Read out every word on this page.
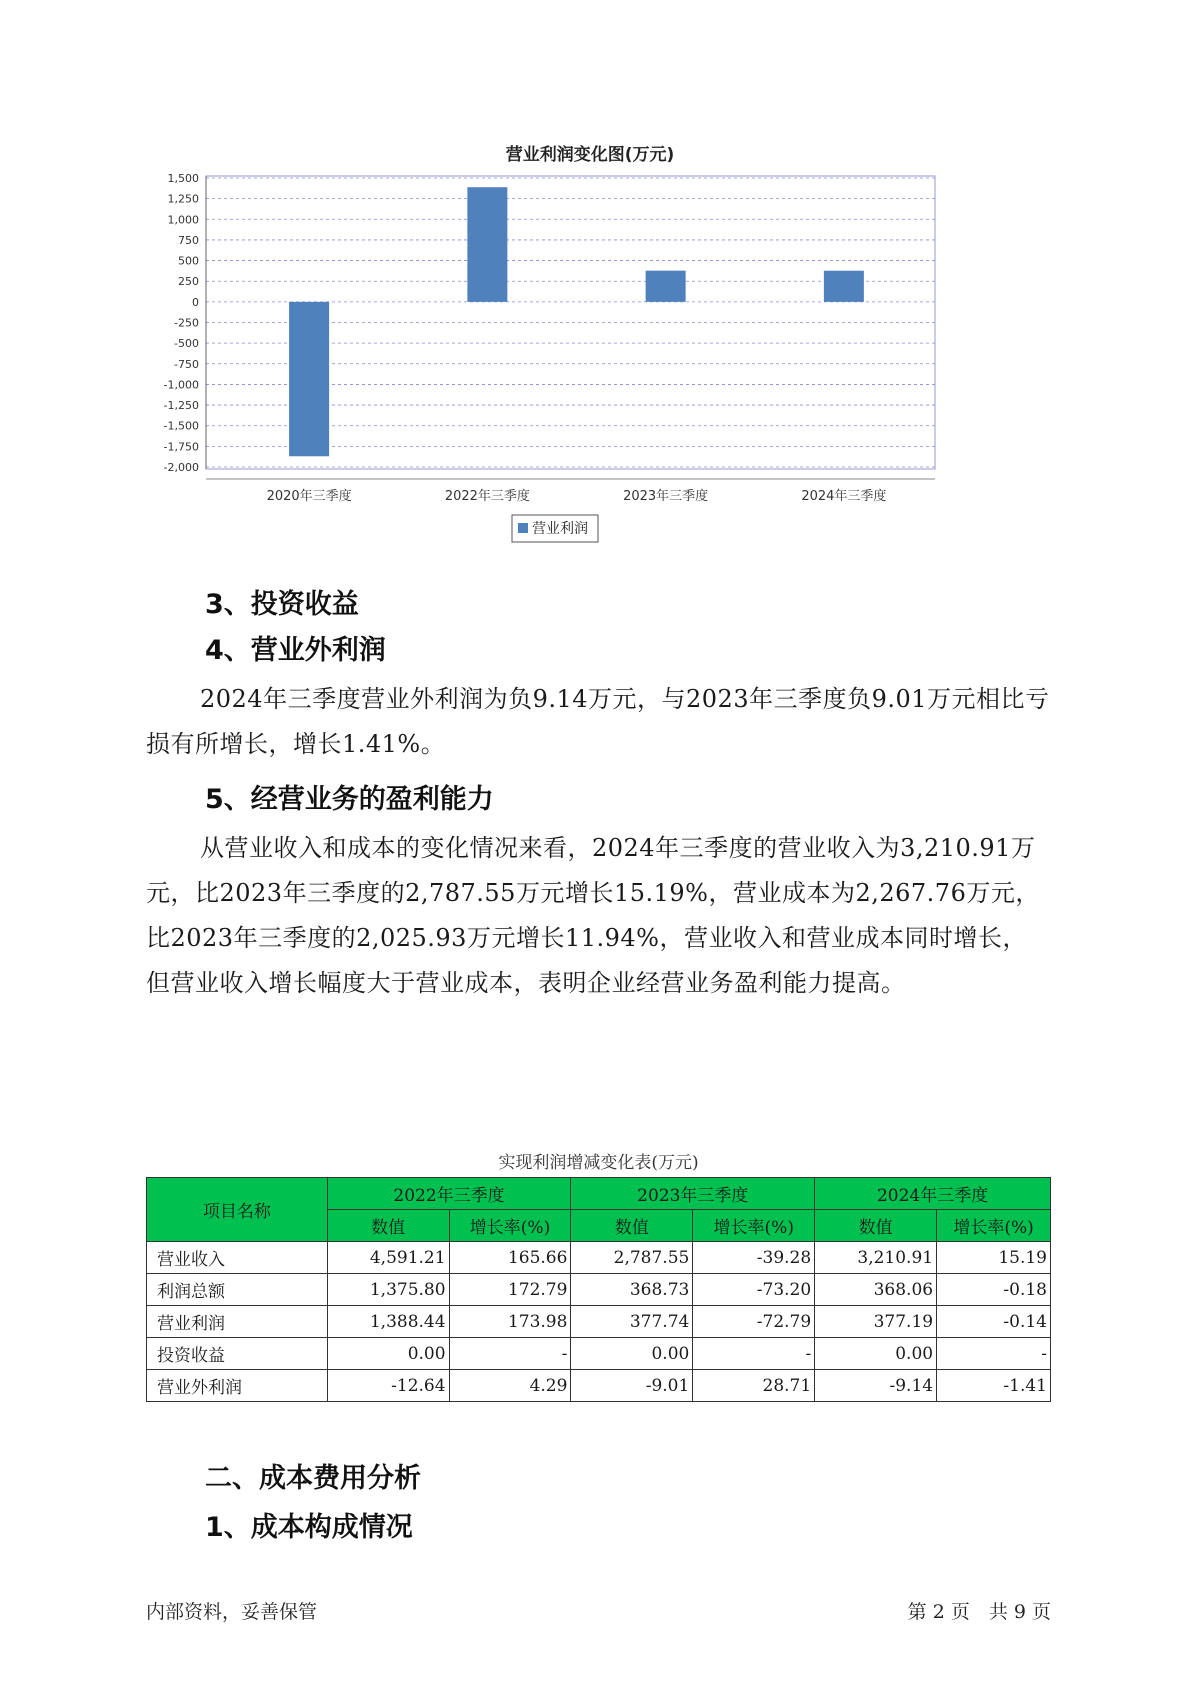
营业利润变化图(万元)
1,500
1,250
1,000
750
500
250
0
-250
-500
-750
-1,000
-1,250
-1,500
-1,750
-2,000
2020年三季度	2022年三季度	2023年三季度	2024年三季度
营业利润
3、投资收益
4、营业外利润

2024年三季度营业外利润为负9.14万元，与2023年三季度负9.01万元相比亏损有所增长，增长1.41%。

5、经营业务的盈利能力

从营业收入和成本的变化情况来看，2024年三季度的营业收入为3,210.91万元，比2023年三季度的2,787.55万元增长15.19%，营业成本为2,267.76万元，比2023年三季度的2,025.93万元增长11.94%，营业收入和营业成本同时增长，但营业收入增长幅度大于营业成本，表明企业经营业务盈利能力提高。

实现利润增减变化表(万元)
项目名称	2022年三季度		2023年三季度		2024年三季度	
	数值	增长率(%)	数值	增长率(%)	数值	增长率(%)
营业收入	4,591.21	165.66	2,787.55	-39.28	3,210.91	15.19
利润总额	1,375.80	172.79	368.73	-73.20	368.06	-0.18
营业利润	1,388.44	173.98	377.74	-72.79	377.19	-0.14
投资收益	0.00	-	0.00	-	0.00	-
营业外利润	-12.64	4.29	-9.01	28.71	-9.14	-1.41
二、成本费用分析
1、成本构成情况
内部资料，妥善保管	第 2 页　共 9 页
